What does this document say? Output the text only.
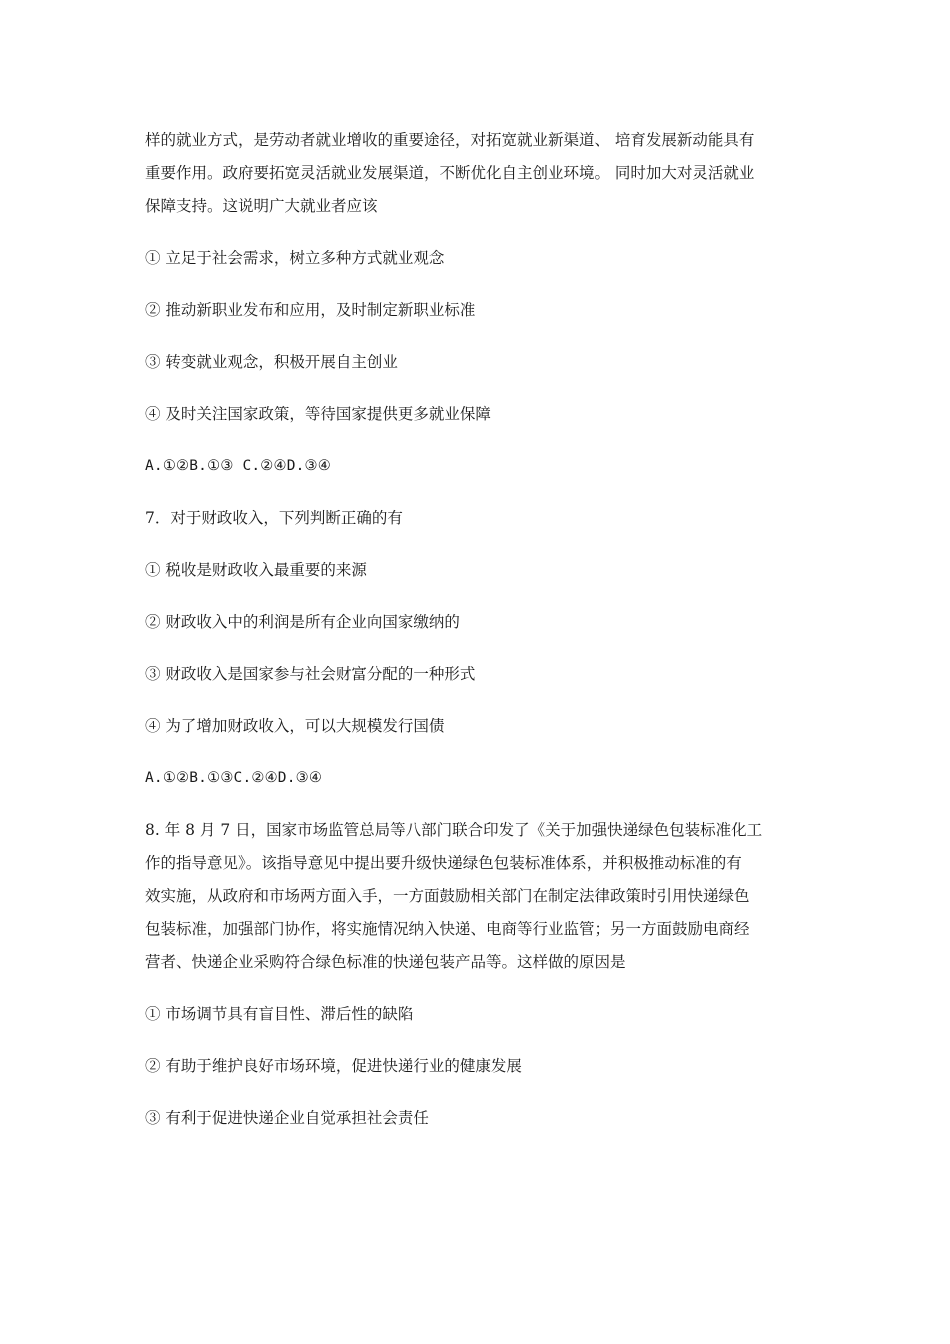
样的就业方式，是劳动者就业增收的重要途径，对拓宽就业新渠道、 培育发展新动能具有

重要作用。政府要拓宽灵活就业发展渠道，不断优化自主创业环境。 同时加大对灵活就业

保障支持。这说明广大就业者应该

① 立足于社会需求，树立多种方式就业观念

② 推动新职业发布和应用，及时制定新职业标准

③ 转变就业观念，积极开展自主创业

④ 及时关注国家政策，等待国家提供更多就业保障

A.①②B.①③ C.②④D.③④

7．对于财政收入，下列判断正确的有

① 税收是财政收入最重要的来源

② 财政收入中的利润是所有企业向国家缴纳的

③ 财政收入是国家参与社会财富分配的一种形式

④ 为了增加财政收入，可以大规模发行国债

A.①②B.①③C.②④D.③④

8. 年 8 月 7 日，国家市场监管总局等八部门联合印发了《关于加强快递绿色包装标准化工

作的指导意见》。该指导意见中提出要升级快递绿色包装标准体系，并积极推动标准的有

效实施，从政府和市场两方面入手，一方面鼓励相关部门在制定法律政策时引用快递绿色

包装标准，加强部门协作，将实施情况纳入快递、电商等行业监管；另一方面鼓励电商经

营者、快递企业采购符合绿色标准的快递包装产品等。这样做的原因是

① 市场调节具有盲目性、滞后性的缺陷

② 有助于维护良好市场环境，促进快递行业的健康发展

③ 有利于促进快递企业自觉承担社会责任
